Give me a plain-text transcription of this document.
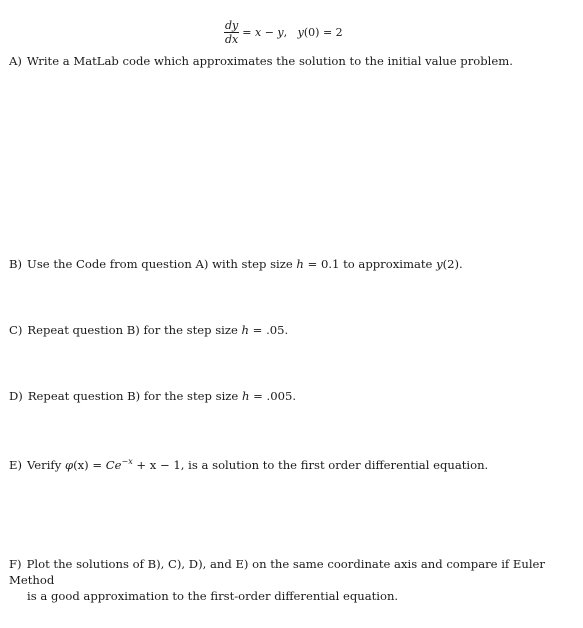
$\frac{dy}{dx} = x - y$,   y(0) = 2
A) Write a MatLab code which approximates the solution to the initial value problem.
B) Use the Code from question A) with step size h = 0.1 to approximate y(2).
C) Repeat question B) for the step size h = .05.
D) Repeat question B) for the step size h = .005.
E) Verify $\varphi(x) = Ce^{-x} + x - 1$, is a solution to the first order differential equation.
F) Plot the solutions of B), C), D), and E) on the same coordinate axis and compare if Euler Method
is a good approximation to the first-order differential equation.
